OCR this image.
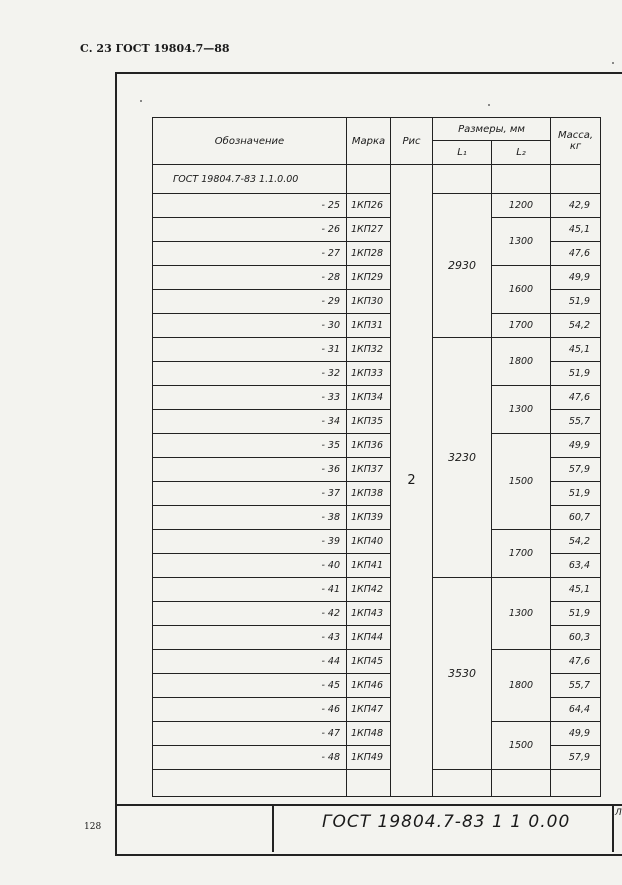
С. 23 ГОСТ 19804.7—88
Обозначение	Марка	Рис	Размеры, мм		Масса, кг
			L₁	L₂	
ГОСТ 19804.7-83 1.1.0.00		2			
- 25	1КП26		2930	1200	42,9
- 26	1КП27			1300	45,1
- 27	1КП28				47,6
- 28	1КП29			1600	49,9
- 29	1КП30				51,9
- 30	1КП31			1700	54,2
- 31	1КП32		3230	1800	45,1
- 32	1КП33				51,9
- 33	1КП34			1300	47,6
- 34	1КП35				55,7
- 35	1КП36			1500	49,9
- 36	1КП37				57,9
- 37	1КП38				51,9
- 38	1КП39				60,7
- 39	1КП40			1700	54,2
- 40	1КП41				63,4
- 41	1КП42		3530	1300	45,1
- 42	1КП43				51,9
- 43	1КП44				60,3
- 44	1КП45			1800	47,6
- 45	1КП46				55,7
- 46	1КП47				64,4
- 47	1КП48			1500	49,9
- 48	1КП49				57,9

ГОСТ 19804.7-83 1 1 0.00	Л
128
